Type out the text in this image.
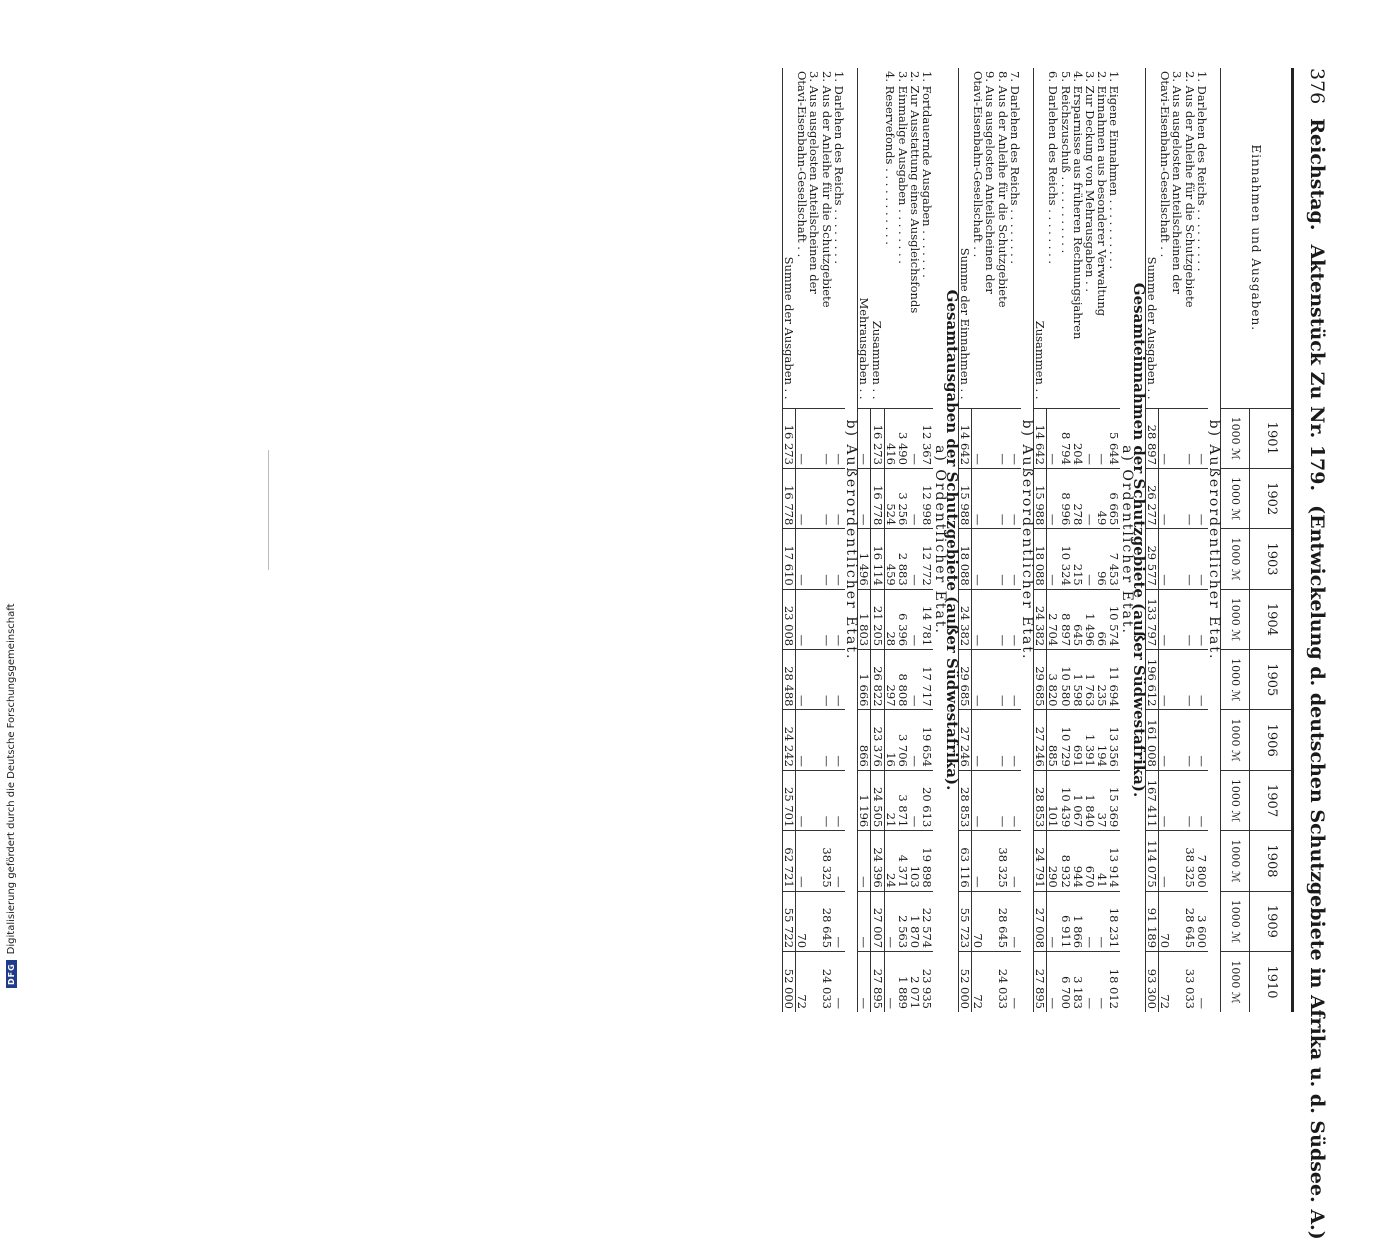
DFG
Digitalisierung gefördert durch die Deutsche Forschungsgemeinschaft
376
Reichstag.
Aktenstück Zu Nr. 179.
(Entwickelung d. deutschen Schutzgebiete in Afrika u. d. Südsee. A.)
Einnahmen und Ausgaben.	1901	1902	1903	1904	1905	1906	1907	1908	1909	1910
	1000 ℳ	1000 ℳ	1000 ℳ	1000 ℳ	1000 ℳ	1000 ℳ	1000 ℳ	1000 ℳ	1000 ℳ	1000 ℳ
b) Außerordentlicher Etat.										
1. Darlehen des Reichs . . . . . . . . .	—	—	—	—	—	—	—	7 800	3 600	—
2. Aus der Anleihe für die Schutzgebiete	—	—	—	—	—	—	—	38 325	28 645	33 033
3. Aus ausgelosten Anteilscheinen der										
Otavi-Eisenbahn-Gesellschaft . .	—	—	—	—	—	—	—	—	70	72
Summe der Ausgaben . .	28 897	26 277	29 577	133 797	196 612	161 008	167 411	114 075	91 189	93 300
Gesamteinnahmen der Schutzgebiete (außer Südwestafrika).										
a) Ordentlicher Etat.										
1. Eigene Einnahmen . . . . . . . . . .	5 644	6 665	7 453	10 574	11 694	13 356	15 369	13 914	18 231	18 012
2. Einnahmen aus besonderer Verwaltung	—	49	96	66	235	194	37	41	—	—
3. Zur Deckung von Mehrausgaben . .	—	—	—	1 496	1 763	1 391	1 840	670	—	—
4. Ersparnisse aus früheren Rechnungsjahren	204	278	215	645	1 598	691	1 067	944	1 866	3 183
5. Reichszuschuß . . . . . . . . . . .	8 794	8 996	10 324	8 897	10 580	10 729	10 439	8 932	6 911	6 700
6. Darlehen des Reichs . . . . . . . .	—	—	—	2 704	3 820	885	101	290	—	—
Zusammen . .	14 642	15 988	18 088	24 382	29 685	27 246	28 853	24 791	27 008	27 895
b) Außerordentlicher Etat.										
7. Darlehen des Reichs . . . . . . . .	—	—	—	—	—	—	—	—	—	—
8. Aus der Anleihe für die Schutzgebiete	—	—	—	—	—	—	—	38 325	28 645	24 033
9. Aus ausgelosten Anteilscheinen der										
Otavi-Eisenbahn-Gesellschaft . .	—	—	—	—	—	—	—	—	70	72
Summe der Einnahmen . .	14 642	15 988	18 088	24 382	29 685	27 246	28 853	63 116	55 723	52 000
Gesamtausgaben der Schutzgebiete (außer Südwestafrika).										
a) Ordentlicher Etat.										
1. Fortdauernde Ausgaben . . . . . . .	12 367	12 998	12 772	14 781	17 717	19 654	20 613	19 898	22 574	23 935
2. Zur Ausstattung eines Ausgleichsfonds	—	—	—	—	—	—	—	103	1 870	2 071
3. Einmalige Ausgaben . . . . . . . .	3 490	3 256	2 883	6 396	8 808	3 706	3 871	4 371	2 563	1 889
4. Reservefonds . . . . . . . . . . .	416	524	459	28	297	16	21	24	—	—
Zusammen . .	16 273	16 778	16 114	21 205	26 822	23 376	24 505	24 396	27 007	27 895
Mehrausgaben . .	—	—	1 496	1 803	1 666	866	1 196	—	—	—
b) Außerordentlicher Etat.										
1. Darlehen des Reichs . . . . . . . .	—	—	—	—	—	—	—	—	—	—
2. Aus der Anleihe für die Schutzgebiete	—	—	—	—	—	—	—	38 325	28 645	24 033
3. Aus ausgelosten Anteilscheinen der										
Otavi-Eisenbahn-Gesellschaft . .	—	—	—	—	—	—	—	—	70	72
Summe der Ausgaben . .	16 273	16 778	17 610	23 008	28 488	24 242	25 701	62 721	55 722	52 000
